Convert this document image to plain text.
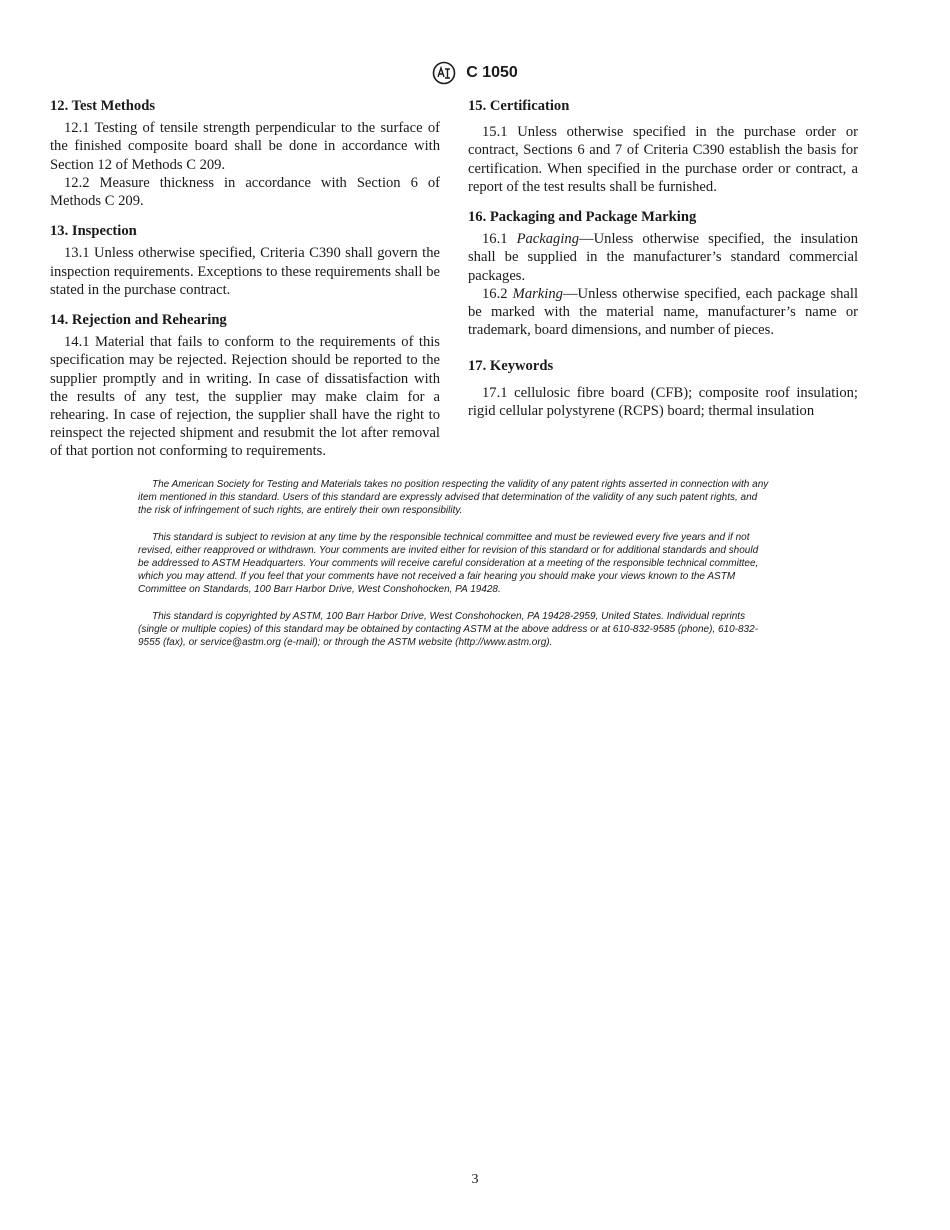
C 1050
12. Test Methods

12.1 Testing of tensile strength perpendicular to the surface of the finished composite board shall be done in accordance with Section 12 of Methods C 209.

12.2 Measure thickness in accordance with Section 6 of Methods C 209.

13. Inspection

13.1 Unless otherwise specified, Criteria C390 shall govern the inspection requirements. Exceptions to these requirements shall be stated in the purchase contract.

14. Rejection and Rehearing

14.1 Material that fails to conform to the requirements of this specification may be rejected. Rejection should be reported to the supplier promptly and in writing. In case of dissatisfaction with the results of any test, the supplier may make claim for a rehearing. In case of rejection, the supplier shall have the right to reinspect the rejected shipment and resubmit the lot after removal of that portion not conforming to requirements.

15. Certification

15.1 Unless otherwise specified in the purchase order or contract, Sections 6 and 7 of Criteria C390 establish the basis for certification. When specified in the purchase order or contract, a report of the test results shall be furnished.

16. Packaging and Package Marking

16.1 Packaging—Unless otherwise specified, the insulation shall be supplied in the manufacturer’s standard commercial packages.

16.2 Marking—Unless otherwise specified, each package shall be marked with the material name, manufacturer’s name or trademark, board dimensions, and number of pieces.

17. Keywords

17.1 cellulosic fibre board (CFB); composite roof insulation; rigid cellular polystyrene (RCPS) board; thermal insulation

The American Society for Testing and Materials takes no position respecting the validity of any patent rights asserted in connection with any item mentioned in this standard. Users of this standard are expressly advised that determination of the validity of any such patent rights, and the risk of infringement of such rights, are entirely their own responsibility.

This standard is subject to revision at any time by the responsible technical committee and must be reviewed every five years and if not revised, either reapproved or withdrawn. Your comments are invited either for revision of this standard or for additional standards and should be addressed to ASTM Headquarters. Your comments will receive careful consideration at a meeting of the responsible technical committee, which you may attend. If you feel that your comments have not received a fair hearing you should make your views known to the ASTM Committee on Standards, 100 Barr Harbor Drive, West Conshohocken, PA 19428.

This standard is copyrighted by ASTM, 100 Barr Harbor Drive, West Conshohocken, PA 19428-2959, United States. Individual reprints (single or multiple copies) of this standard may be obtained by contacting ASTM at the above address or at 610-832-9585 (phone), 610-832-9555 (fax), or service@astm.org (e-mail); or through the ASTM website (http://www.astm.org).

3
